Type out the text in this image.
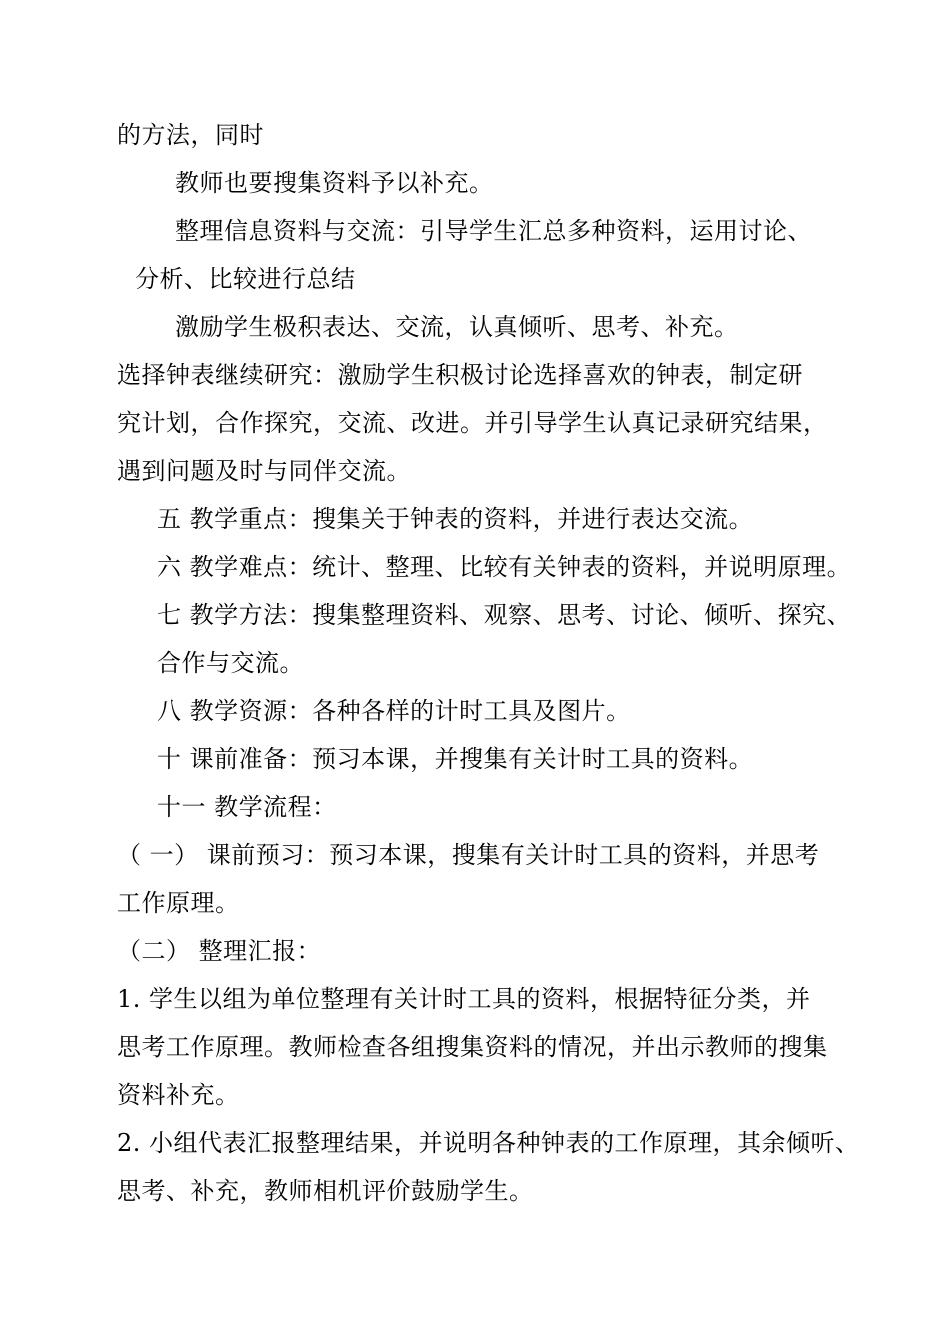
的方法，同时
教师也要搜集资料予以补充。
整理信息资料与交流：引导学生汇总多种资料，运用讨论、
分析、比较进行总结
激励学生极积表达、交流，认真倾听、思考、补充。
选择钟表继续研究：激励学生积极讨论选择喜欢的钟表，制定研
究计划，合作探究，交流、改进。并引导学生认真记录研究结果，
遇到问题及时与同伴交流。
五 教学重点：搜集关于钟表的资料，并进行表达交流。
六 教学难点：统计、整理、比较有关钟表的资料，并说明原理。
七 教学方法：搜集整理资料、观察、思考、讨论、倾听、探究、
合作与交流。
八 教学资源：各种各样的计时工具及图片。
十 课前准备：预习本课，并搜集有关计时工具的资料。
十一 教学流程：
（ 一） 课前预习：预习本课，搜集有关计时工具的资料，并思考
工作原理。
（二） 整理汇报：
1. 学生以组为单位整理有关计时工具的资料，根据特征分类，并
思考工作原理。教师检查各组搜集资料的情况，并出示教师的搜集
资料补充。
2. 小组代表汇报整理结果，并说明各种钟表的工作原理，其余倾听、
思考、补充，教师相机评价鼓励学生。
